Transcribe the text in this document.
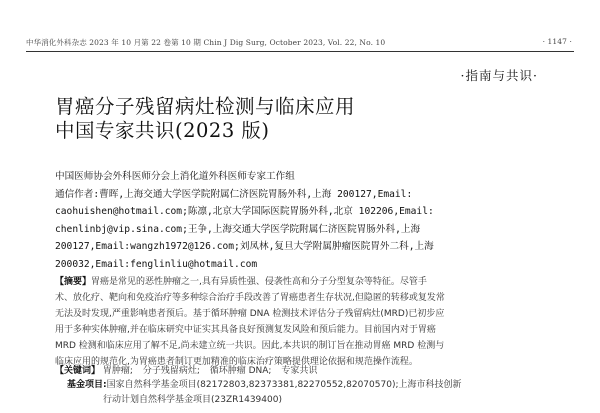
中华消化外科杂志 2023 年 10 月第 22 卷第 10 期 Chin J Dig Surg, October 2023, Vol. 22, No. 10	· 1147 ·
·指南与共识·
胃癌分子残留病灶检测与临床应用
中国专家共识(2023 版)
中国医师协会外科医师分会上消化道外科医师专家工作组
通信作者:曹晖,上海交通大学医学院附属仁济医院胃肠外科,上海 200127,Email:
caohuishen@hotmail.com;陈凛,北京大学国际医院胃肠外科,北京 102206,Email:
chenlinbj@vip.sina.com;王争,上海交通大学医学院附属仁济医院胃肠外科,上海
200127,Email:wangzh1972@126.com;刘凤林,复旦大学附属肿瘤医院胃外二科,上海
200032,Email:fenglinliu@hotmail.com
【摘要】胃癌是常见的恶性肿瘤之一,具有异质性强、侵袭性高和分子分型复杂等特征。尽管手
术、放化疗、靶向和免疫治疗等多种综合治疗手段改善了胃癌患者生存状况,但隐匿的转移或复发常
无法及时发现,严重影响患者预后。基于循环肿瘤 DNA 检测技术评估分子残留病灶(MRD)已初步应
用于多种实体肿瘤,并在临床研究中证实其具备良好预测复发风险和预后能力。目前国内对于胃癌
MRD 检测和临床应用了解不足,尚未建立统一共识。因此,本共识的制订旨在推动胃癌 MRD 检测与
临床应用的规范化,为胃癌患者制订更加精准的临床治疗策略提供理论依据和规范操作流程。
【关键词】 胃肿瘤; 分子残留病灶; 循环肿瘤 DNA; 专家共识
基金项目:国家自然科学基金项目(82172803,82373381,82270552,82070570);上海市科技创新
行动计划自然科学基金项目(23ZR1439400)
